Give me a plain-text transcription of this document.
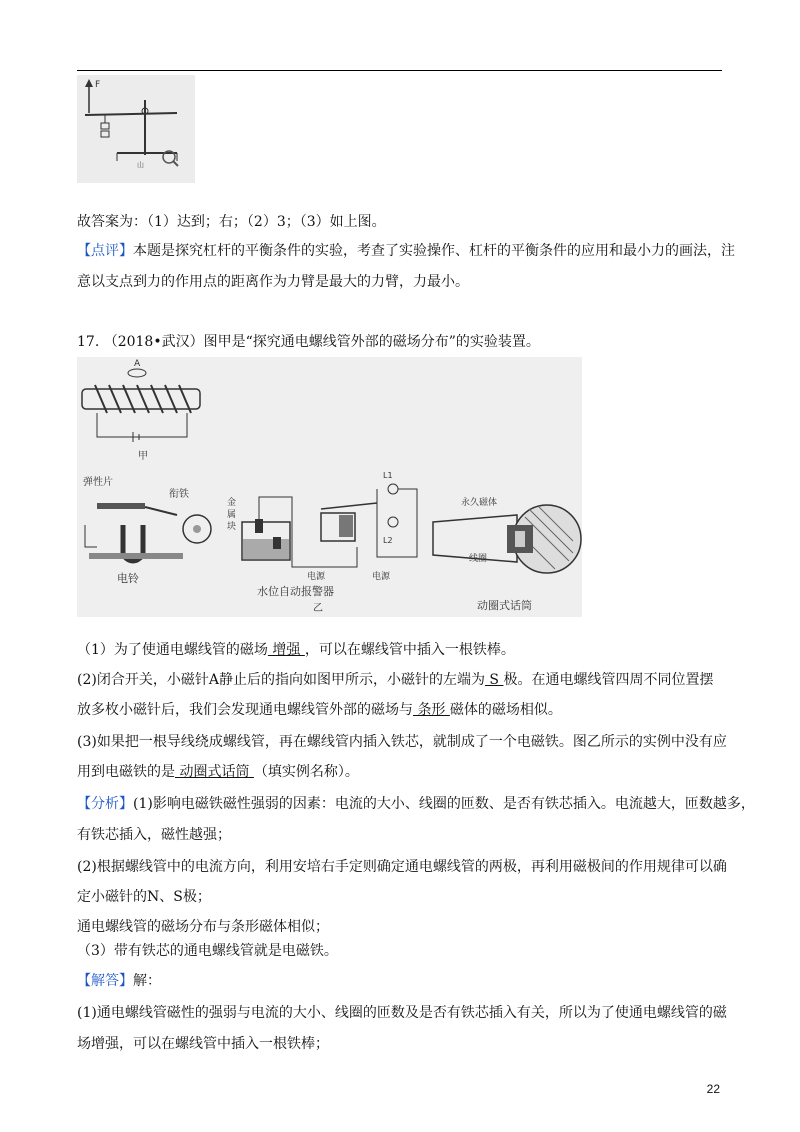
F
山
故答案为：（1）达到；右；（2）3；（3）如上图。
【点评】本题是探究杠杆的平衡条件的实验，考查了实验操作、杠杆的平衡条件的应用和最小力的画法，注
意以支点到力的作用点的距离作为力臂是最大的力臂，力最小。
17. （2018•武汉）图甲是“探究通电螺线管外部的磁场分布”的实验装置。
A
甲
弹性片
衔铁
电铃
金
属
块
电源
L1
L2
电源
水位自动报警器
乙
永久磁体
线圈
动圈式话筒
（1）为了使通电螺线管的磁场 增强 ，可以在螺线管中插入一根铁棒。
(2)闭合开关，小磁针A静止后的指向如图甲所示，小磁针的左端为 S 极。在通电螺线管四周不同位置摆
放多枚小磁针后，我们会发现通电螺线管外部的磁场与 条形 磁体的磁场相似。
(3)如果把一根导线绕成螺线管，再在螺线管内插入铁芯，就制成了一个电磁铁。图乙所示的实例中没有应
用到电磁铁的是 动圈式话筒 （填实例名称）。
【分析】(1)影响电磁铁磁性强弱的因素：电流的大小、线圈的匝数、是否有铁芯插入。电流越大，匝数越多，
有铁芯插入，磁性越强；
(2)根据螺线管中的电流方向，利用安培右手定则确定通电螺线管的两极，再利用磁极间的作用规律可以确
定小磁针的N、S极；
通电螺线管的磁场分布与条形磁体相似；
（3）带有铁芯的通电螺线管就是电磁铁。
【解答】解：
(1)通电螺线管磁性的强弱与电流的大小、线圈的匝数及是否有铁芯插入有关，所以为了使通电螺线管的磁
场增强，可以在螺线管中插入一根铁棒；
22
